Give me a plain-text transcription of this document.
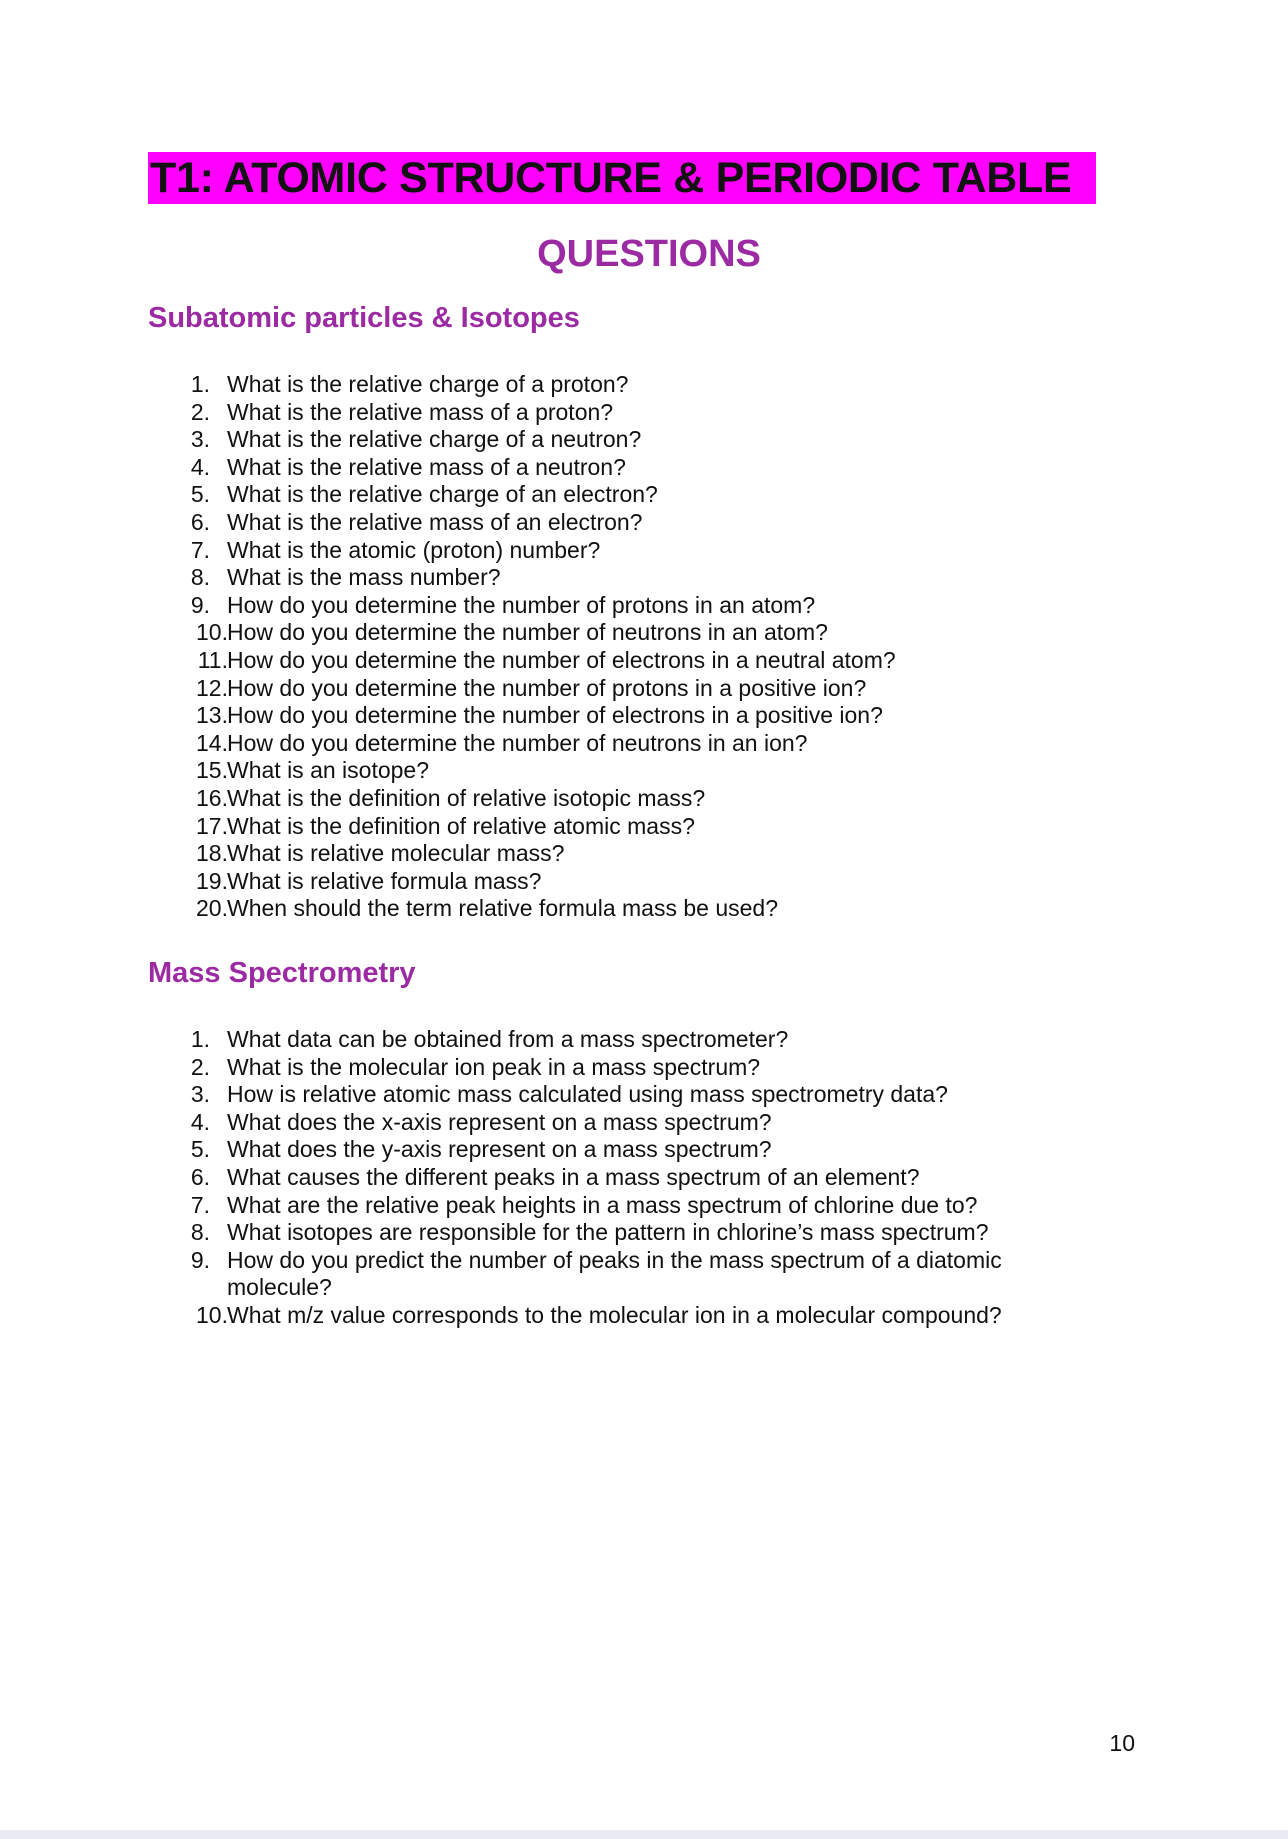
T1: ATOMIC STRUCTURE & PERIODIC TABLE
QUESTIONS
Subatomic particles & Isotopes
1. What is the relative charge of a proton?
2. What is the relative mass of a proton?
3. What is the relative charge of a neutron?
4. What is the relative mass of a neutron?
5. What is the relative charge of an electron?
6. What is the relative mass of an electron?
7. What is the atomic (proton) number?
8. What is the mass number?
9. How do you determine the number of protons in an atom?
10. How do you determine the number of neutrons in an atom?
11. How do you determine the number of electrons in a neutral atom?
12. How do you determine the number of protons in a positive ion?
13. How do you determine the number of electrons in a positive ion?
14. How do you determine the number of neutrons in an ion?
15. What is an isotope?
16. What is the definition of relative isotopic mass?
17. What is the definition of relative atomic mass?
18. What is relative molecular mass?
19. What is relative formula mass?
20. When should the term relative formula mass be used?
Mass Spectrometry
1. What data can be obtained from a mass spectrometer?
2. What is the molecular ion peak in a mass spectrum?
3. How is relative atomic mass calculated using mass spectrometry data?
4. What does the x-axis represent on a mass spectrum?
5. What does the y-axis represent on a mass spectrum?
6. What causes the different peaks in a mass spectrum of an element?
7. What are the relative peak heights in a mass spectrum of chlorine due to?
8. What isotopes are responsible for the pattern in chlorine’s mass spectrum?
9. How do you predict the number of peaks in the mass spectrum of a diatomic molecule?
10. What m/z value corresponds to the molecular ion in a molecular compound?
10
